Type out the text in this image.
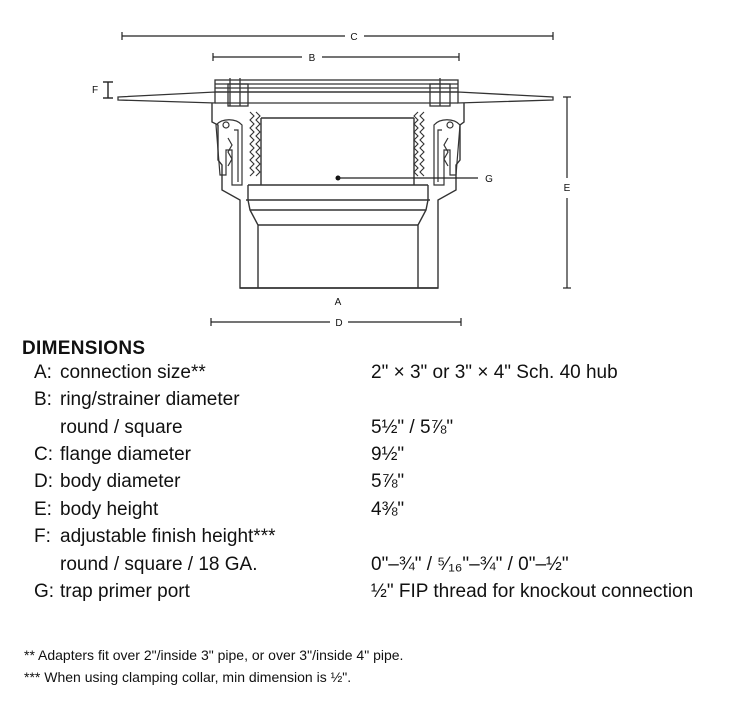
C
B
F
E
G
A
D
DIMENSIONS
A: connection size**	2" × 3" or 3" × 4" Sch. 40 hub
B: ring/strainer diameter
round / square	5½" / 5⅞"
C: flange diameter	9½"
D: body diameter	5⅞"
E: body height	4⅜"
F: adjustable finish height***
round / square / 18 GA.	0"–¾" / ⁵⁄₁₆"–¾" / 0"–½"
G: trap primer port	½" FIP thread for knockout connection
** Adapters fit over 2"/inside 3" pipe, or over 3"/inside 4" pipe.
*** When using clamping collar, min dimension is ½".
